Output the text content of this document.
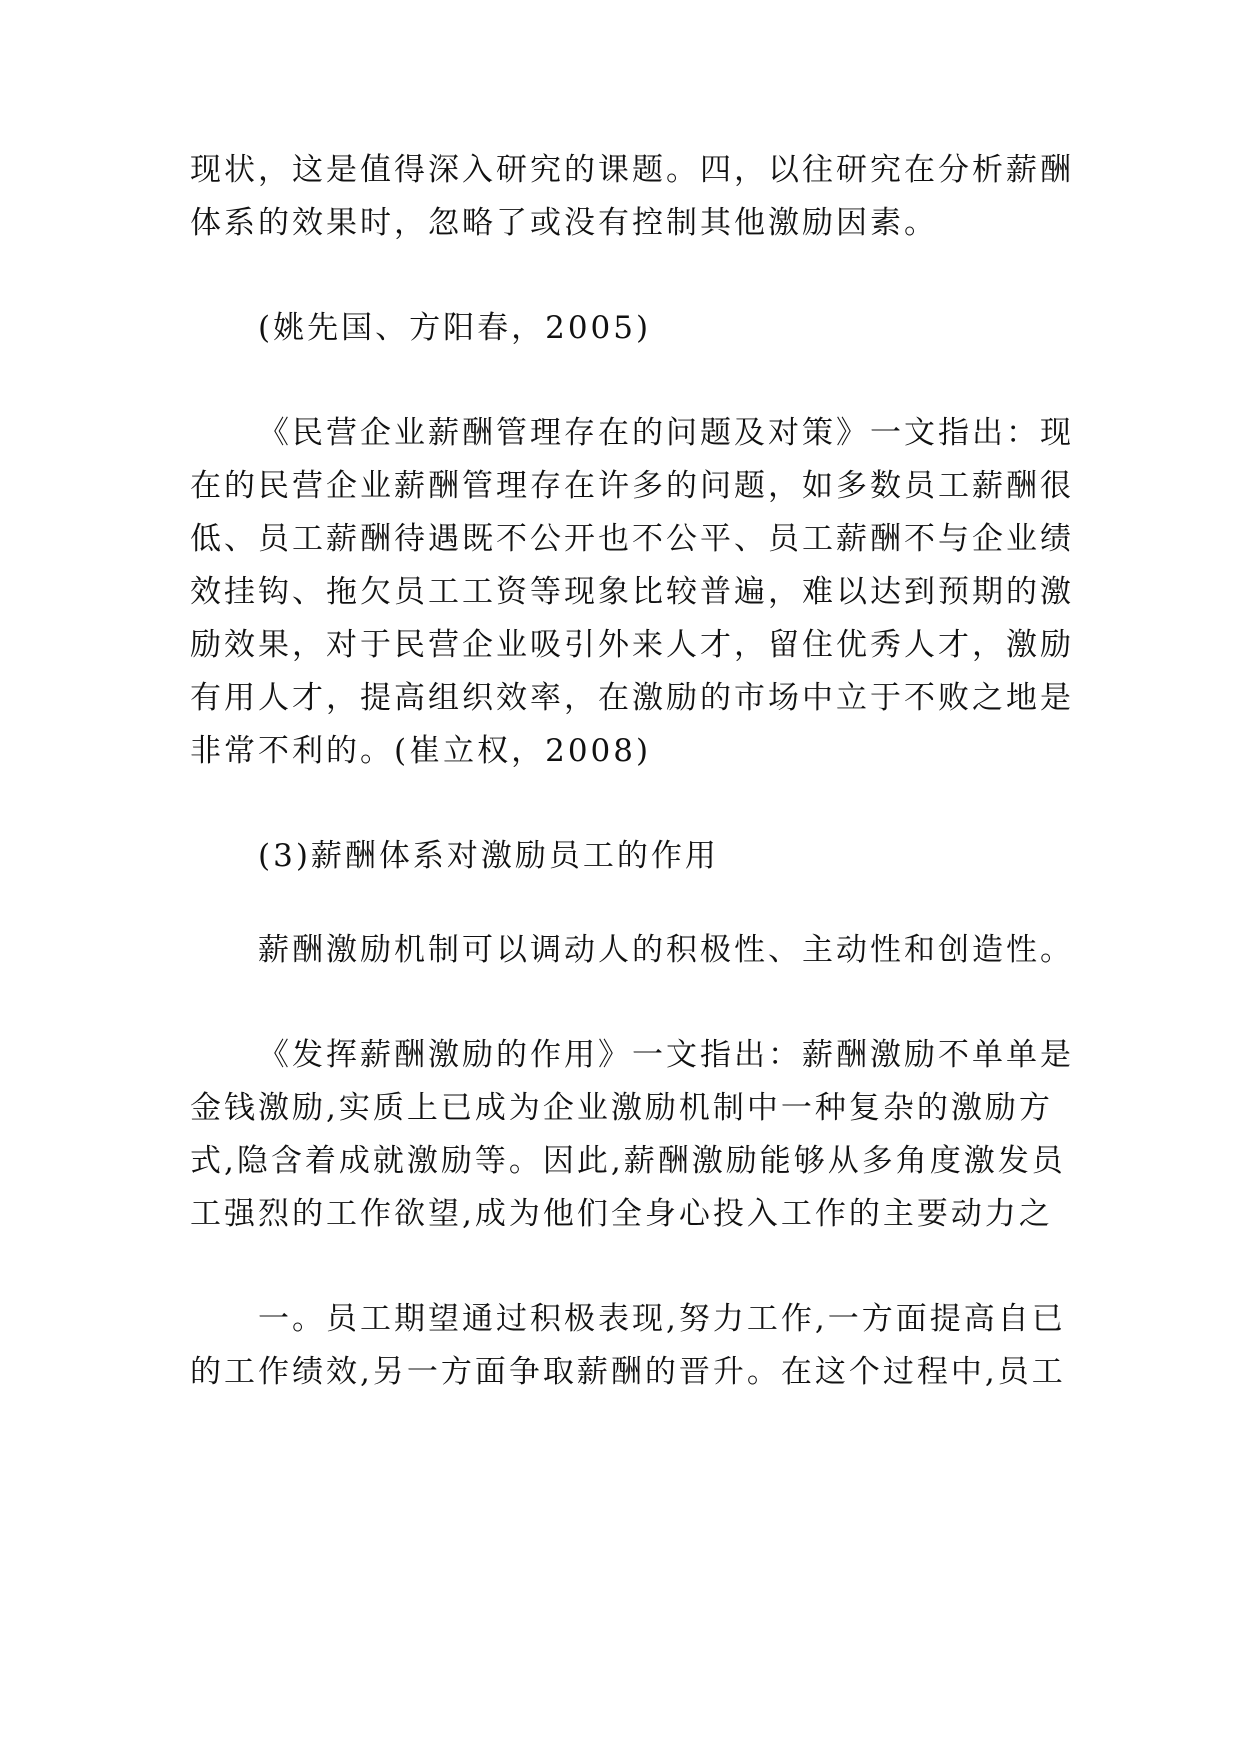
现状，这是值得深入研究的课题。四，以往研究在分析薪酬
体系的效果时，忽略了或没有控制其他激励因素。
(姚先国、方阳春，2005)
《民营企业薪酬管理存在的问题及对策》一文指出：现
在的民营企业薪酬管理存在许多的问题，如多数员工薪酬很
低、员工薪酬待遇既不公开也不公平、员工薪酬不与企业绩
效挂钩、拖欠员工工资等现象比较普遍，难以达到预期的激
励效果，对于民营企业吸引外来人才，留住优秀人才，激励
有用人才，提高组织效率，在激励的市场中立于不败之地是
非常不利的。(崔立权，2008)
(3)薪酬体系对激励员工的作用
薪酬激励机制可以调动人的积极性、主动性和创造性。
《发挥薪酬激励的作用》一文指出：薪酬激励不单单是
金钱激励,实质上已成为企业激励机制中一种复杂的激励方
式,隐含着成就激励等。因此,薪酬激励能够从多角度激发员
工强烈的工作欲望,成为他们全身心投入工作的主要动力之
一。员工期望通过积极表现,努力工作,一方面提高自已
的工作绩效,另一方面争取薪酬的晋升。在这个过程中,员工
